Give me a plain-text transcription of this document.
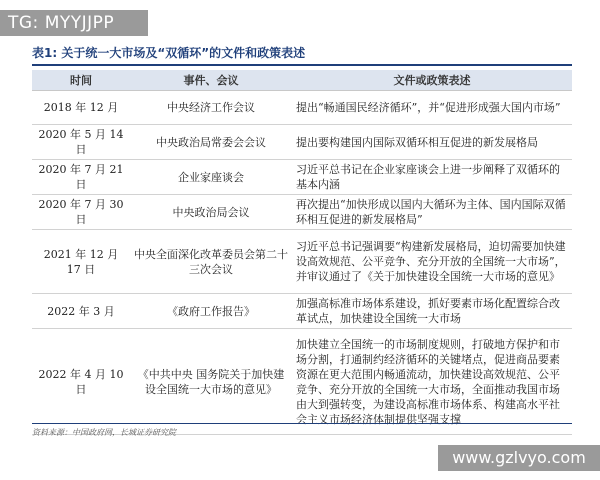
TG: MYYJJPP
表1: 关于统一大市场及“双循环”的文件和政策表述
时间	事件、会议	文件或政策表述
2018 年 12 月	中央经济工作会议	提出“畅通国民经济循环”，并“促进形成强大国内市场”
2020 年 5 月 14 日	中央政治局常委会会议	提出要构建国内国际双循环相互促进的新发展格局
2020 年 7 月 21 日	企业家座谈会	习近平总书记在企业家座谈会上进一步阐释了双循环的基本内涵
2020 年 7 月 30 日	中央政治局会议	再次提出“加快形成以国内大循环为主体、国内国际双循环相互促进的新发展格局”
2021 年 12 月 17 日	中央全面深化改革委员会第二十三次会议	习近平总书记强调要“构建新发展格局，迫切需要加快建设高效规范、公平竞争、充分开放的全国统一大市场”，并审议通过了《关于加快建设全国统一大市场的意见》
2022 年 3 月	《政府工作报告》	加强高标准市场体系建设，抓好要素市场化配置综合改革试点，加快建设全国统一大市场
2022 年 4 月 10 日	《中共中央 国务院关于加快建设全国统一大市场的意见》	加快建立全国统一的市场制度规则，打破地方保护和市场分割，打通制约经济循环的关键堵点，促进商品要素资源在更大范围内畅通流动，加快建设高效规范、公平竞争、充分开放的全国统一大市场，全面推动我国市场由大到强转变，为建设高标准市场体系、构建高水平社会主义市场经济体制提供坚强支撑
资料来源：中国政府网，长城证券研究院
www.gzlvyo.com
